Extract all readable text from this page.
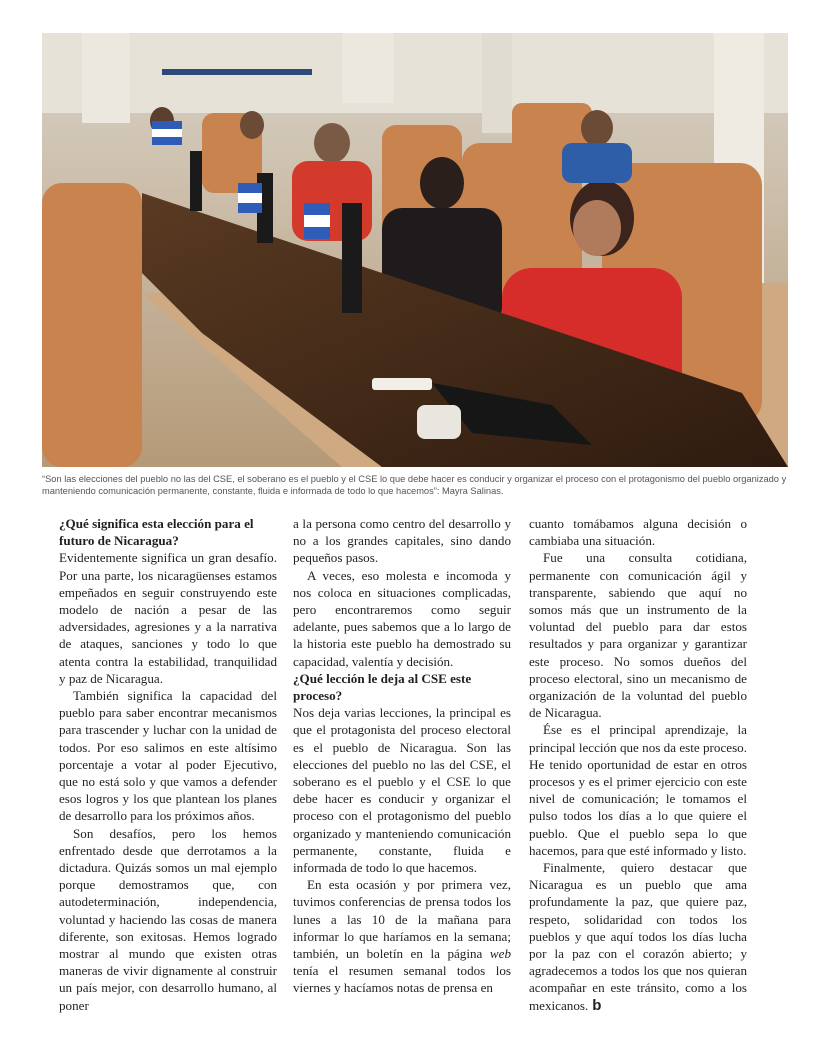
“Son las elecciones del pueblo no las del CSE, el soberano es el pueblo y el CSE lo que debe hacer es conducir y organizar el proceso con el protagonismo del pueblo organizado y manteniendo comunicación permanente, constante, fluida e informada de todo lo que hacemos”: Mayra Salinas.
¿Qué significa esta elección para el futuro de Nicaragua?

Evidentemente significa un gran desafío. Por una parte, los nicaragüenses estamos empeñados en seguir construyendo este modelo de nación a pesar de las adversidades, agresiones y a la narrativa de ataques, sanciones y todo lo que atenta contra la estabilidad, tranquilidad y paz de Nicaragua.

También significa la capacidad del pueblo para saber encontrar mecanismos para trascender y luchar con la unidad de todos. Por eso salimos en este altísimo porcentaje a votar al poder Ejecutivo, que no está solo y que vamos a defender esos logros y los que plantean los planes de desarrollo para los próximos años.

Son desafíos, pero los hemos enfrentado desde que derrotamos a la dictadura. Quizás somos un mal ejemplo porque demostramos que, con autodeterminación, independencia, voluntad y haciendo las cosas de manera diferente, son exitosas. Hemos logrado mostrar al mundo que existen otras maneras de vivir dignamente al construir un país mejor, con desarrollo humano, al poner

a la persona como centro del desarrollo y no a los grandes capitales, sino dando pequeños pasos.

A veces, eso molesta e incomoda y nos coloca en situaciones complicadas, pero encontraremos como seguir adelante, pues sabemos que a lo largo de la historia este pueblo ha demostrado su capacidad, valentía y decisión.

¿Qué lección le deja al CSE este proceso?

Nos deja varias lecciones, la principal es que el protagonista del proceso electoral es el pueblo de Nicaragua. Son las elecciones del pueblo no las del CSE, el soberano es el pueblo y el CSE lo que debe hacer es conducir y organizar el proceso con el protagonismo del pueblo organizado y manteniendo comunicación permanente, constante, fluida e informada de todo lo que hacemos.

En esta ocasión y por primera vez, tuvimos conferencias de prensa todos los lunes a las 10 de la mañana para informar lo que haríamos en la semana; también, un boletín en la página web tenía el resumen semanal todos los viernes y hacíamos notas de prensa en

cuanto tomábamos alguna decisión o cambiaba una situación.

Fue una consulta cotidiana, permanente con comunicación ágil y transparente, sabiendo que aquí no somos más que un instrumento de la voluntad del pueblo para dar estos resultados y para organizar y garantizar este proceso. No somos dueños del proceso electoral, sino un mecanismo de organización de la voluntad del pueblo de Nicaragua.

Ése es el principal aprendizaje, la principal lección que nos da este proceso. He tenido oportunidad de estar en otros procesos y es el primer ejercicio con este nivel de comunicación; le tomamos el pulso todos los días a lo que quiere el pueblo. Que el pueblo sepa lo que hacemos, para que esté informado y listo.

Finalmente, quiero destacar que Nicaragua es un pueblo que ama profundamente la paz, que quiere paz, respeto, solidaridad con todos los pueblos y que aquí todos los días lucha por la paz con el corazón abierto; y agradecemos a todos los que nos quieran acompañar en este tránsito, como a los mexicanos. b
